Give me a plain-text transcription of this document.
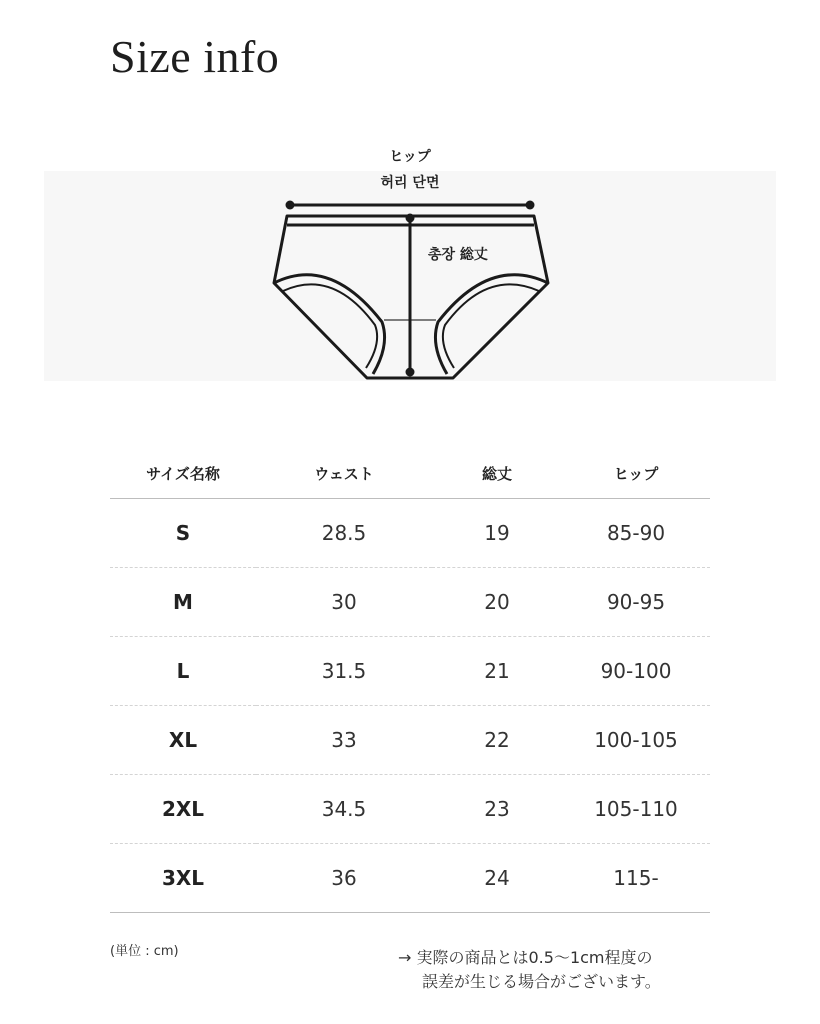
Size info
ヒップ
허리 단면
총장 総丈
サイズ名称	ウェスト	総丈	ヒップ
S	28.5	19	85-90
M	30	20	90-95
L	31.5	21	90-100
XL	33	22	100-105
2XL	34.5	23	105-110
3XL	36	24	115-
(単位 : cm)	→ 実際の商品とは0.5〜1cm程度の
誤差が生じる場合がございます。
